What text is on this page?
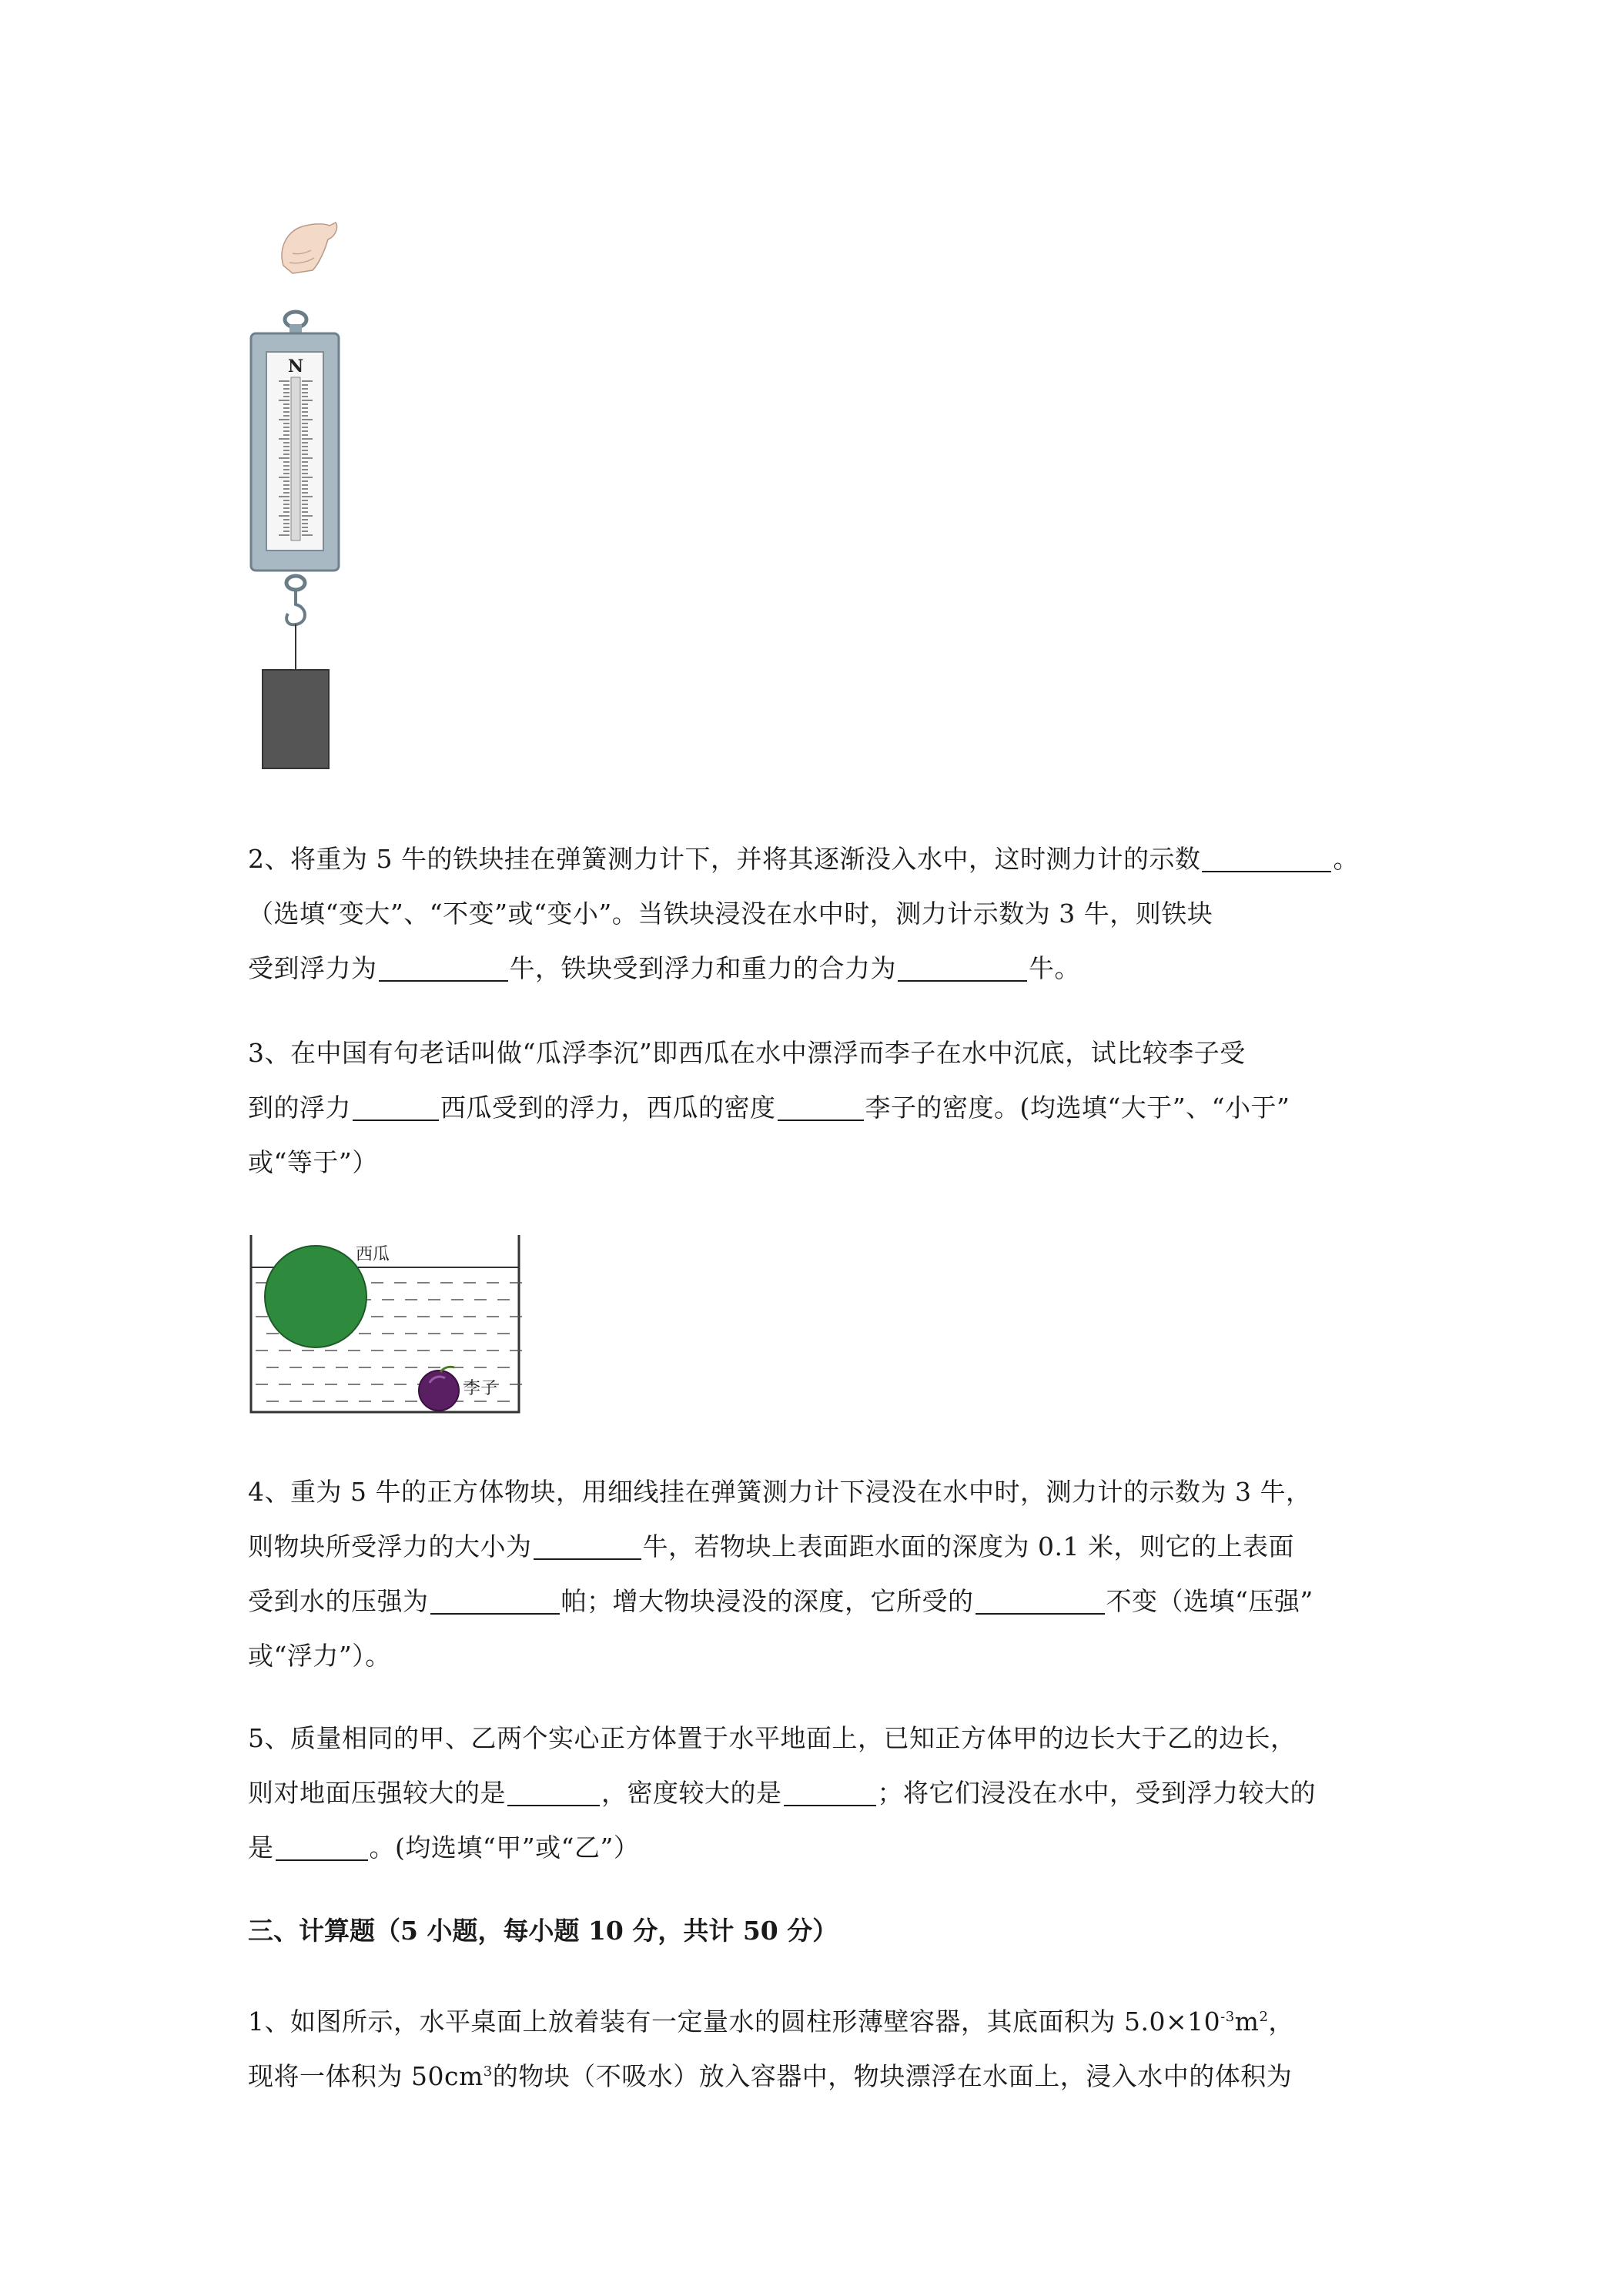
N

2、将重为 5 牛的铁块挂在弹簧测力计下，并将其逐渐没入水中，这时测力计的示数	。
（选填“变大”、“不变”或“变小”。当铁块浸没在水中时，测力计示数为 3 牛，则铁块
受到浮力为	牛，铁块受到浮力和重力的合力为	牛。

3、在中国有句老话叫做“瓜浮李沉”即西瓜在水中漂浮而李子在水中沉底，试比较李子受
到的浮力	西瓜受到的浮力，西瓜的密度	李子的密度。(均选填“大于”、“小于”
或“等于”）

西瓜
李子

4、重为 5 牛的正方体物块，用细线挂在弹簧测力计下浸没在水中时，测力计的示数为 3 牛，
则物块所受浮力的大小为	牛，若物块上表面距水面的深度为 0.1 米，则它的上表面
受到水的压强为	帕；增大物块浸没的深度，它所受的	不变（选填“压强”
或“浮力”）。

5、质量相同的甲、乙两个实心正方体置于水平地面上，已知正方体甲的边长大于乙的边长，
则对地面压强较大的是	，密度较大的是	；将它们浸没在水中，受到浮力较大的
是	。(均选填“甲”或“乙”）

三、计算题（5 小题，每小题 10 分，共计 50 分）

1、如图所示，水平桌面上放着装有一定量水的圆柱形薄壁容器，其底面积为 $5.0\times 10^{-3}m^2$，
现将一体积为 $50cm^3$的物块（不吸水）放入容器中，物块漂浮在水面上，浸入水中的体积为
